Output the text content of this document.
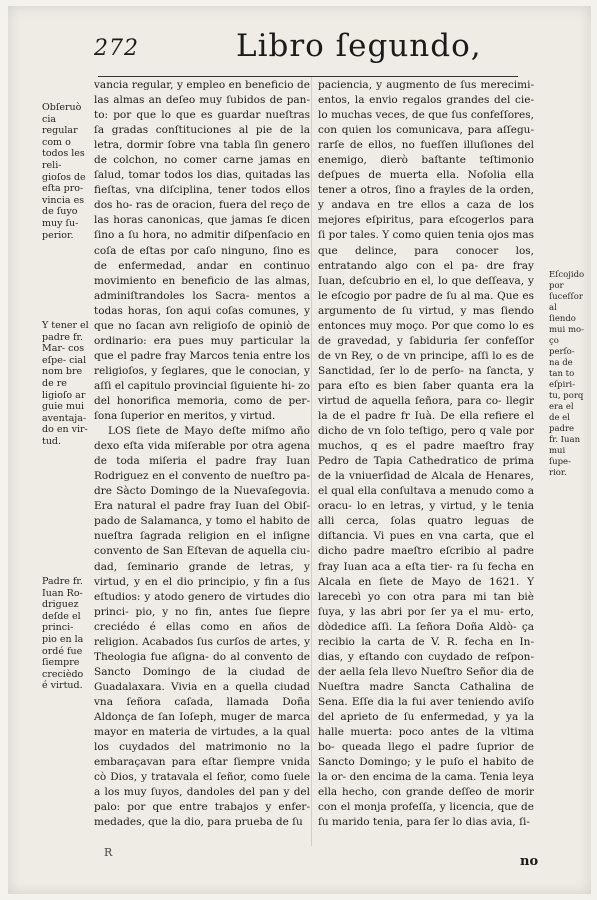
272	Libro ſegundo,

Obſeruò cia regular com o todos les reli- gioſos de eſta pro- vincia es de ſuyo muy ſu- perior.

Y tener el padre fr. Mar- cos eſpe- cial nom bre de re ligioſo ar guie mui aventaja- do en vir- tud.

Padre fr. Iuan Ro- driguez deſde el princi- pio en la ordé fue ſiempre crecièdo é virtud.

Eſcojido por ſuceſſor al ſiendo mui mo- ço perſo- na de tan to eſpiri- tu, porq era el de el padre fr. Iuan mui ſupe- rior.

vancia regular, y empleo en beneficio de las almas an deſeo muy ſubidos de pan- to: por que lo que es guardar nueſtras ſa gradas conſtituciones al pie de la letra, dormir ſobre vna tabla ſin genero de colchon, no comer carne jamas en ſalud, tomar todos los dias, quitadas las fieſtas, vna diſciplina, tener todos ellos dos ho- ras de oracion, fuera del reço de las horas canonicas, que jamas ſe dicen ſino a ſu hora, no admitir diſpenſacio en coſa de eſtas por caſo ninguno, ſino es de enfermedad, andar en continuo movimiento en beneficio de las almas, adminiſtrandoles los Sacra- mentos a todas horas, ſon aqui coſas comunes, y que no ſacan avn religioſo de opiniò de ordinario: era pues muy particular la que el padre fray Marcos tenia entre los religioſos, y ſeglares, que le conocian, y aſſi el capitulo provincial ſiguiente hi- zo del honorifica memoria, como de per- ſona ſuperior en meritos, y virtud.

LOS ſiete de Mayo deſte miſmo año dexo eſta vida miſerable por otra agena de toda miſeria el padre fray Iuan Rodriguez en el convento de nueſtro pa- dre Sàcto Domingo de la Nuevaſegovia. Era natural el padre fray Iuan del Obiſ- pado de Salamanca, y tomo el habito de nueſtra ſagrada religion en el inſigne convento de San Eſtevan de aquella ciu- dad, ſeminario grande de letras, y virtud, y en el dio principio, y fin a ſus eſtudios: y atodo genero de virtudes dio princi- pio, y no fin, antes ſue ſiepre creciédo é ellas como en años de religion. Acabados ſus curſos de artes, y Theologia fue aſigna- do al convento de Sancto Domingo de la ciudad de Guadalaxara. Vivia en a quella ciudad vna ſeñora caſada, llamada Doña Aldonça de ſan Ioſeph, muger de marca mayor en materia de virtudes, a la qual los cuydados del matrimonio no la embaraçavan para eſtar ſiempre vnida cò Dios, y tratavala el ſeñor, como ſuele a los muy ſuyos, dandoles del pan y del palo: por que entre trabajos y enfer- medades, que la dio, para prueba de ſu

paciencia, y augmento de ſus merecimi- entos, la envio regalos grandes del cie- lo muchas veces, de que ſus confeſſores, con quien los comunicava, para aſſegu- rarſe de ellos, no fueſſen illuſiones del enemigo, dierò baſtante teſtimonio deſpues de muerta ella. Noſolia ella tener a otros, ſino a frayles de la orden, y andava en tre ellos a caza de los mejores eſpiritus, para eſcogerlos para ſi por tales. Y como quien tenia ojos mas que delince, para conocer los, entratando algo con el pa- dre fray Iuan, deſcubrio en el, lo que deſſeava, y le eſcogio por padre de ſu al ma. Que es argumento de ſu virtud, y mas ſiendo entonces muy moço. Por que como lo es de gravedad, y ſabiduria ſer confeſſor de vn Rey, o de vn principe, aſſi lo es de Sanctidad, ſer lo de perſo- na ſancta, y para eſto es bien ſaber quanta era la virtud de aquella ſeñora, para co- llegir la de el padre fr Iuà. De ella refiere el dicho de vn ſolo teſtigo, pero q vale por muchos, q es el padre maeſtro fray Pedro de Tapia Cathedratico de prima de la vniuerſidad de Alcala de Henares, el qual ella conſultava a menudo como a oracu- lo en letras, y virtud, y le tenia alli cerca, ſolas quatro leguas de diſtancia. Vi pues en vna carta, que el dicho padre maeſtro eſcribio al padre fray Iuan aca a eſta tier- ra ſu fecha en Alcala en ſiete de Mayo de 1621. Y larecebì yo con otra para mi tan biè ſuya, y las abri por ſer ya el mu- erto, dòdedice aſſi. La ſeñora Doña Aldò- ça recibio la carta de V. R. fecha en In- dias, y eſtando con cuydado de reſpon- der aella ſela llevo Nueſtro Señor dia de Nueſtra madre Sancta Cathalina de Sena. Eſſe dia la fui aver teniendo aviſo del aprieto de ſu enfermedad, y ya la halle muerta: poco antes de la vltima bo- queada llego el padre ſuprior de Sancto Domingo; y le puſo el habito de la or- den encima de la cama. Tenia leya ella hecho, con grande deſſeo de morir con el monja profeſſa, y licencia, que de ſu marido tenia, para ſer lo dias avia, ſi-

R
no
